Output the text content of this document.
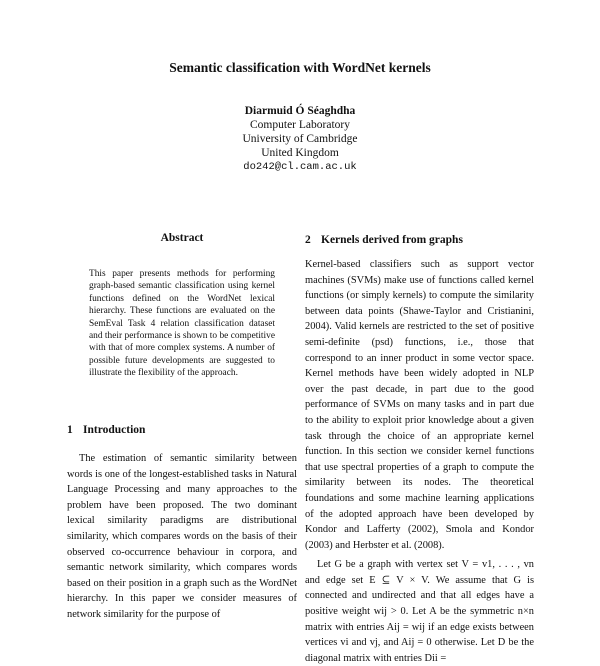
Semantic classification with WordNet kernels
Diarmuid Ó Séaghdha
Computer Laboratory
University of Cambridge
United Kingdom
do242@cl.cam.ac.uk
Abstract
This paper presents methods for performing graph-based semantic classification using kernel functions defined on the WordNet lexical hierarchy. These functions are evaluated on the SemEval Task 4 relation classification dataset and their performance is shown to be competitive with that of more complex systems. A number of possible future developments are suggested to illustrate the flexibility of the approach.
1 Introduction

The estimation of semantic similarity between words is one of the longest-established tasks in Natural Language Processing and many approaches to the problem have been proposed. The two dominant lexical similarity paradigms are distributional similarity, which compares words on the basis of their observed co-occurrence behaviour in corpora, and semantic network similarity, which compares words based on their position in a graph such as the WordNet hierarchy. In this paper we consider measures of network similarity for the purpose of

2 Kernels derived from graphs

Kernel-based classifiers such as support vector machines (SVMs) make use of functions called kernel functions (or simply kernels) to compute the similarity between data points (Shawe-Taylor and Cristianini, 2004). Valid kernels are restricted to the set of positive semi-definite (psd) functions, i.e., those that correspond to an inner product in some vector space. Kernel methods have been widely adopted in NLP over the past decade, in part due to the good performance of SVMs on many tasks and in part due to the ability to exploit prior knowledge about a given task through the choice of an appropriate kernel function. In this section we consider kernel functions that use spectral properties of a graph to compute the similarity between its nodes. The theoretical foundations and some machine learning applications of the adopted approach have been developed by Kondor and Lafferty (2002), Smola and Kondor (2003) and Herbster et al. (2008).

Let G be a graph with vertex set V = v1, . . . , vn and edge set E ⊆ V × V. We assume that G is connected and undirected and that all edges have a positive weight wij > 0. Let A be the symmetric n×n matrix with entries Aij = wij if an edge exists between vertices vi and vj, and Aij = 0 otherwise. Let D be the diagonal matrix with entries Dii =
